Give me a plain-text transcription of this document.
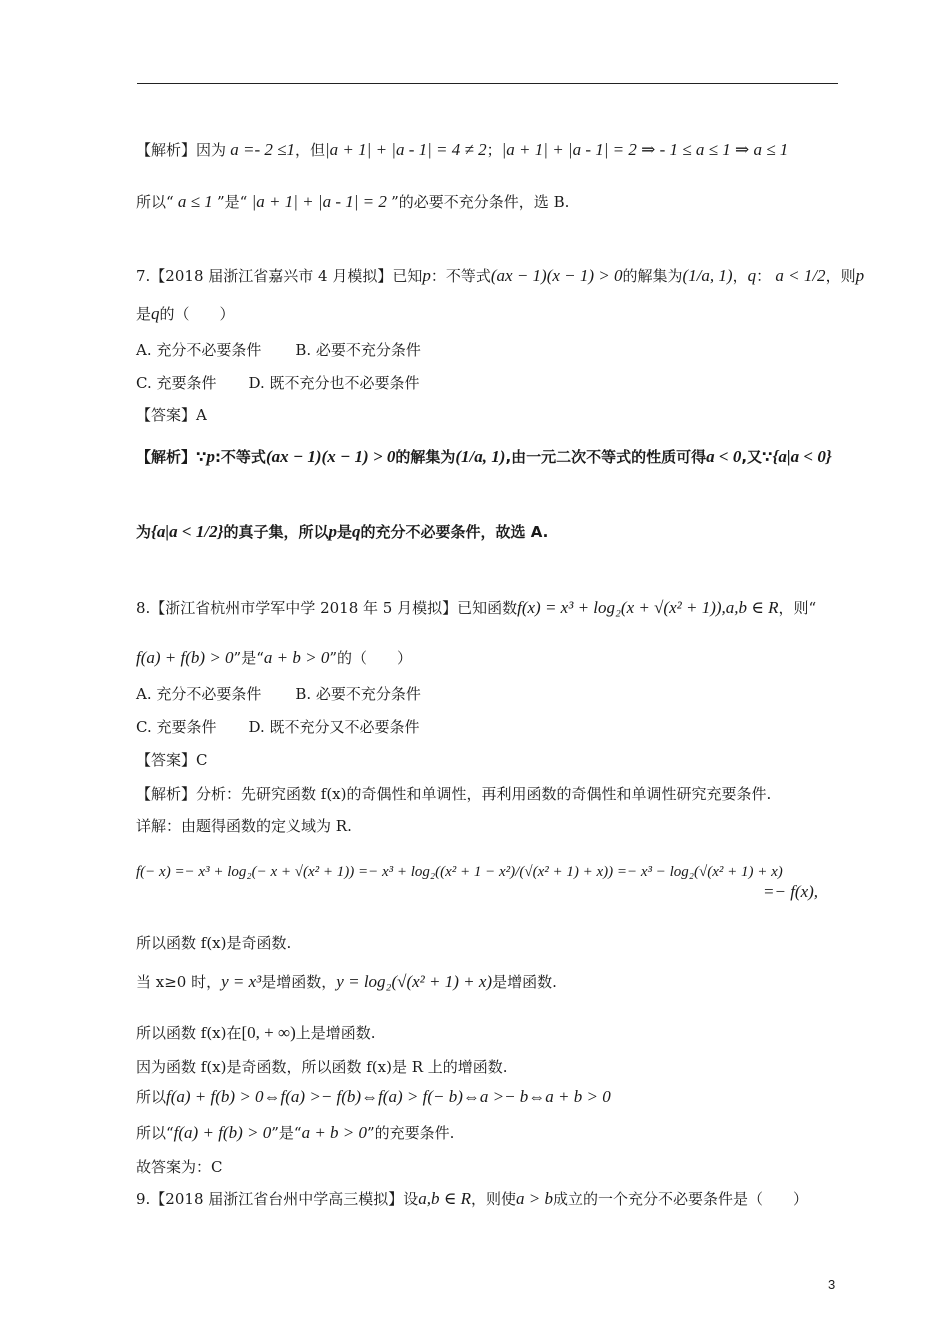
【解析】因为 a =- 2 ≤1，但|a + 1| + |a - 1| = 4 ≠ 2；|a + 1| + |a - 1| = 2 ⇒ - 1 ≤ a ≤ 1 ⇒ a ≤ 1
所以“ a ≤ 1 ”是“ |a + 1| + |a - 1| = 2 ”的必要不充分条件，选 B.
7.【2018 届浙江省嘉兴市 4 月模拟】已知p：不等式(ax − 1)(x − 1) > 0的解集为(1/a, 1)，q： a < 1/2，则p
是q的（　　）
A. 充分不必要条件 B. 必要不充分条件
C. 充要条件 D. 既不充分也不必要条件
【答案】A
【解析】∵p:不等式(ax − 1)(x − 1) > 0的解集为(1/a, 1),由一元二次不等式的性质可得a < 0,又∵{a|a < 0}
为{a|a < 1/2}的真子集，所以p是q的充分不必要条件，故选 A.
8.【浙江省杭州市学军中学 2018 年 5 月模拟】已知函数f(x) = x³ + log₂(x + √(x² + 1)),a,b ∈ R，则“
f(a) + f(b) > 0”是“a + b > 0”的（　　）
A. 充分不必要条件 B. 必要不充分条件
C. 充要条件 D. 既不充分又不必要条件
【答案】C
【解析】分析：先研究函数 f(x)的奇偶性和单调性，再利用函数的奇偶性和单调性研究充要条件.
详解：由题得函数的定义域为 R.
f(− x) =− x³ + log₂(− x + √(x² + 1)) =− x³ + log₂((x² + 1 − x²)/(√(x² + 1) + x)) =− x³ − log₂(√(x² + 1) + x)
=− f(x),
所以函数 f(x)是奇函数.
当 x≥0 时，y = x³是增函数，y = log₂(√(x² + 1) + x)是增函数.
所以函数 f(x)在[0, + ∞)上是增函数.
因为函数 f(x)是奇函数，所以函数 f(x)是 R 上的增函数.
所以f(a) + f(b) > 0⇔f(a) >− f(b)⇔f(a) > f(− b)⇔a >− b⇔a + b > 0
所以“f(a) + f(b) > 0”是“a + b > 0”的充要条件.
故答案为：C
9.【2018 届浙江省台州中学高三模拟】设a,b ∈ R，则使a > b成立的一个充分不必要条件是（　　）
3
